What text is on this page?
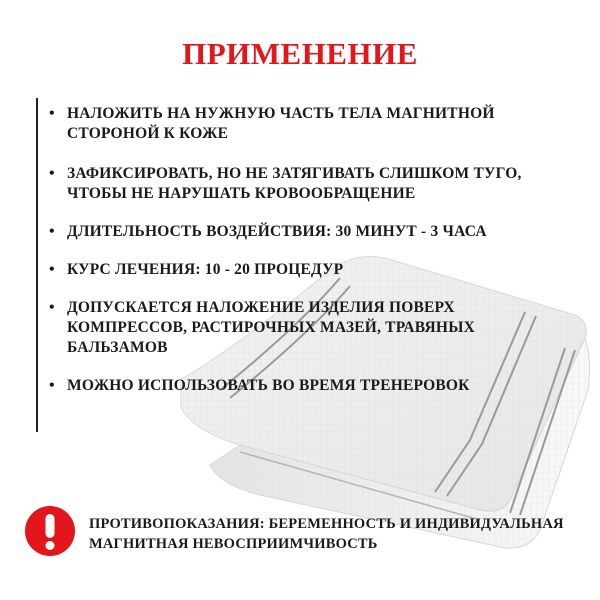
ПРИМЕНЕНИЕ
• НАЛОЖИТЬ НА НУЖНУЮ ЧАСТЬ ТЕЛА МАГНИТНОЙ СТОРОНОЙ К КОЖЕ
• ЗАФИКСИРОВАТЬ, НО НЕ ЗАТЯГИВАТЬ СЛИШКОМ ТУГО, ЧТОБЫ НЕ НАРУШАТЬ КРОВООБРАЩЕНИЕ
• ДЛИТЕЛЬНОСТЬ ВОЗДЕЙСТВИЯ: 30 МИНУТ - 3 ЧАСА
• КУРС ЛЕЧЕНИЯ: 10 - 20 ПРОЦЕДУР
• ДОПУСКАЕТСЯ НАЛОЖЕНИЕ ИЗДЕЛИЯ ПОВЕРХ КОМПРЕССОВ, РАСТИРОЧНЫХ МАЗЕЙ, ТРАВЯНЫХ БАЛЬЗАМОВ
• МОЖНО ИСПОЛЬЗОВАТЬ ВО ВРЕМЯ ТРЕНЕРОВОК
ПРОТИВОПОКАЗАНИЯ: БЕРЕМЕННОСТЬ И ИНДИВИДУАЛЬНАЯ МАГНИТНАЯ НЕВОСПРИИМЧИВОСТЬ
